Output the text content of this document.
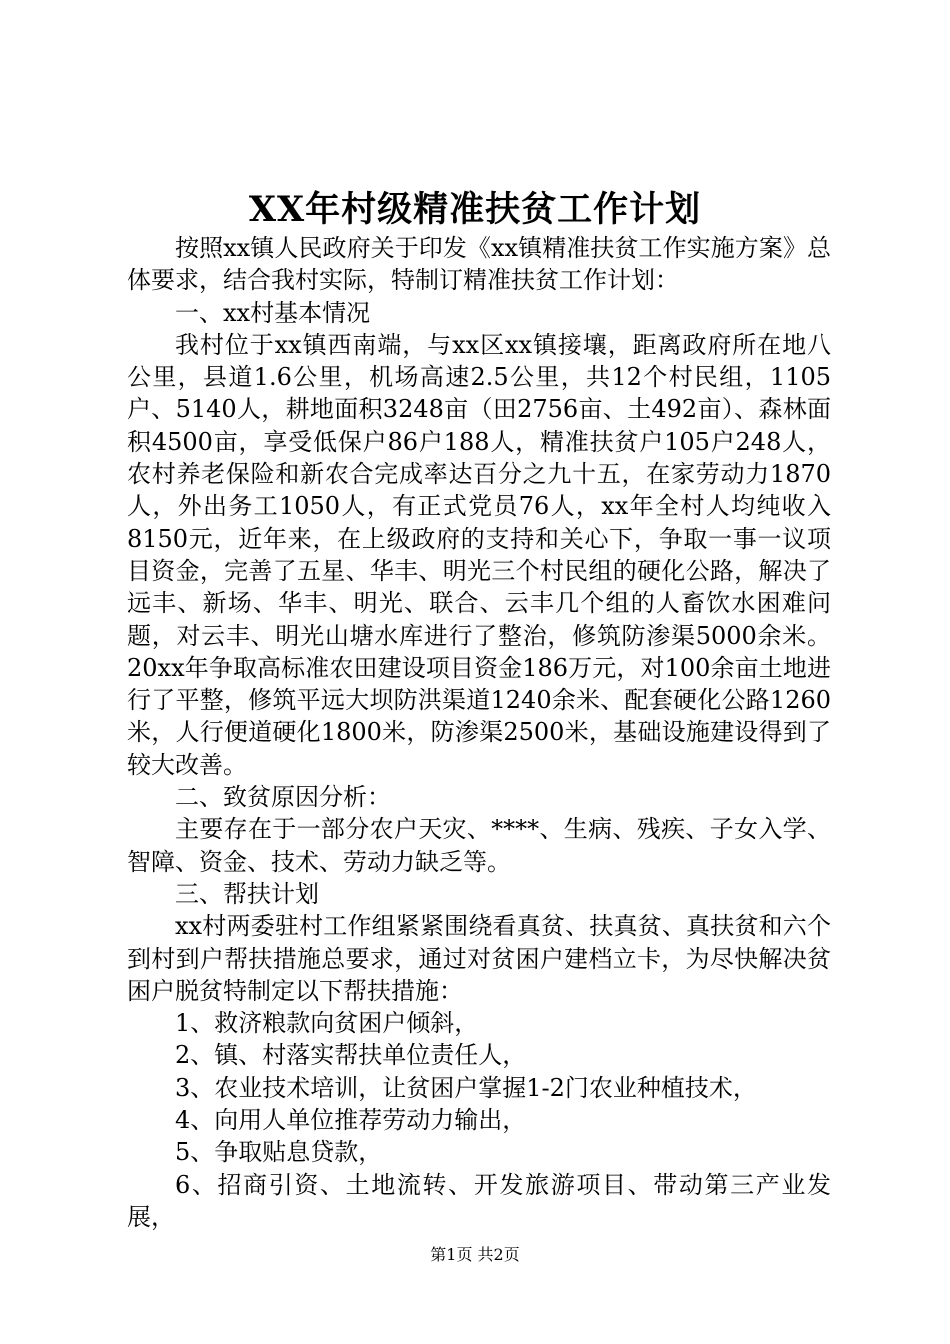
XX年村级精准扶贫工作计划

按照xx镇人民政府关于印发《xx镇精准扶贫工作实施方案》总体要求，结合我村实际，特制订精准扶贫工作计划：

一、xx村基本情况

我村位于xx镇西南端，与xx区xx镇接壤，距离政府所在地八公里，县道1.6公里，机场高速2.5公里，共12个村民组，1105户、5140人，耕地面积3248亩（田2756亩、土492亩）、森林面积4500亩，享受低保户86户188人，精准扶贫户105户248人，农村养老保险和新农合完成率达百分之九十五，在家劳动力1870人，外出务工1050人，有正式党员76人，xx年全村人均纯收入8150元，近年来，在上级政府的支持和关心下，争取一事一议项目资金，完善了五星、华丰、明光三个村民组的硬化公路，解决了远丰、新场、华丰、明光、联合、云丰几个组的人畜饮水困难问题，对云丰、明光山塘水库进行了整治，修筑防渗渠5000余米。20xx年争取高标准农田建设项目资金186万元，对100余亩土地进行了平整，修筑平远大坝防洪渠道1240余米、配套硬化公路1260米，人行便道硬化1800米，防渗渠2500米，基础设施建设得到了较大改善。

二、致贫原因分析：

主要存在于一部分农户天灾、****、生病、残疾、子女入学、智障、资金、技术、劳动力缺乏等。

三、帮扶计划

xx村两委驻村工作组紧紧围绕看真贫、扶真贫、真扶贫和六个到村到户帮扶措施总要求，通过对贫困户建档立卡，为尽快解决贫困户脱贫特制定以下帮扶措施：

1、救济粮款向贫困户倾斜，

2、镇、村落实帮扶单位责任人，

3、农业技术培训，让贫困户掌握1-2门农业种植技术，

4、向用人单位推荐劳动力输出，

5、争取贴息贷款，

6、招商引资、土地流转、开发旅游项目、带动第三产业发展，

第1页 共2页
